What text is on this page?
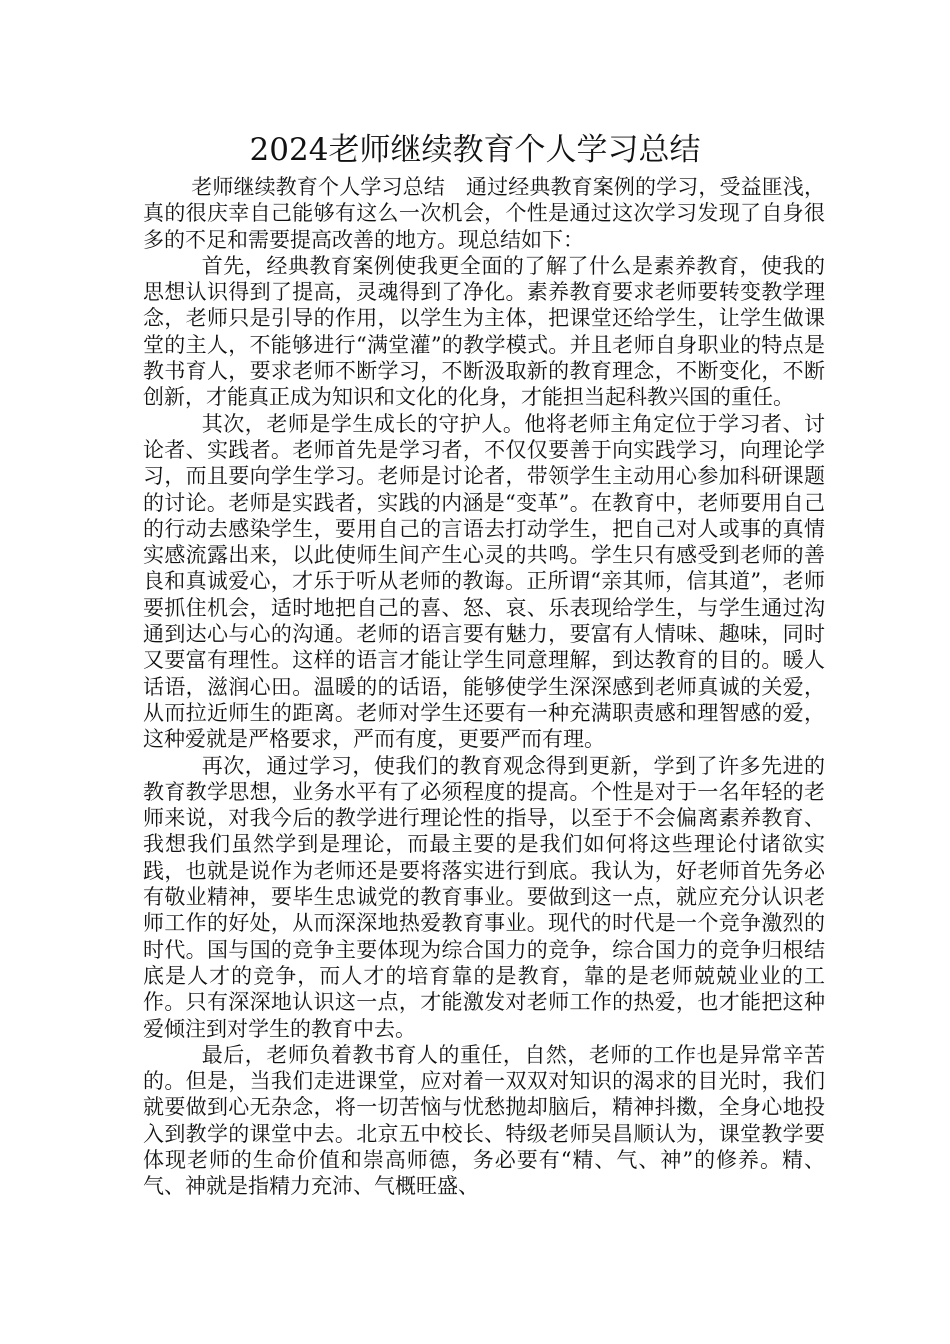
2024老师继续教育个人学习总结

老师继续教育个人学习总结　通过经典教育案例的学习，受益匪浅，真的很庆幸自己能够有这么一次机会，个性是通过这次学习发现了自身很多的不足和需要提高改善的地方。现总结如下：

首先，经典教育案例使我更全面的了解了什么是素养教育，使我的思想认识得到了提高，灵魂得到了净化。素养教育要求老师要转变教学理念，老师只是引导的作用，以学生为主体，把课堂还给学生，让学生做课堂的主人，不能够进行“满堂灌”的教学模式。并且老师自身职业的特点是教书育人，要求老师不断学习，不断汲取新的教育理念，不断变化，不断创新，才能真正成为知识和文化的化身，才能担当起科教兴国的重任。

其次，老师是学生成长的守护人。他将老师主角定位于学习者、讨论者、实践者。老师首先是学习者，不仅仅要善于向实践学习，向理论学习，而且要向学生学习。老师是讨论者，带领学生主动用心参加科研课题的讨论。老师是实践者，实践的内涵是“变革”。在教育中，老师要用自己的行动去感染学生，要用自己的言语去打动学生，把自己对人或事的真情实感流露出来，以此使师生间产生心灵的共鸣。学生只有感受到老师的善良和真诚爱心，才乐于听从老师的教诲。正所谓“亲其师，信其道”，老师要抓住机会，适时地把自己的喜、怒、哀、乐表现给学生，与学生通过沟通到达心与心的沟通。老师的语言要有魅力，要富有人情味、趣味，同时又要富有理性。这样的语言才能让学生同意理解，到达教育的目的。暖人话语，滋润心田。温暖的的话语，能够使学生深深感到老师真诚的关爱，从而拉近师生的距离。老师对学生还要有一种充满职责感和理智感的爱，这种爱就是严格要求，严而有度，更要严而有理。

再次，通过学习，使我们的教育观念得到更新，学到了许多先进的教育教学思想，业务水平有了必须程度的提高。个性是对于一名年轻的老师来说，对我今后的教学进行理论性的指导，以至于不会偏离素养教育、我想我们虽然学到是理论，而最主要的是我们如何将这些理论付诸欲实践，也就是说作为老师还是要将落实进行到底。我认为，好老师首先务必有敬业精神，要毕生忠诚党的教育事业。要做到这一点，就应充分认识老师工作的好处，从而深深地热爱教育事业。现代的时代是一个竞争激烈的时代。国与国的竞争主要体现为综合国力的竞争，综合国力的竞争归根结底是人才的竞争，而人才的培育靠的是教育，靠的是老师兢兢业业的工作。只有深深地认识这一点，才能激发对老师工作的热爱，也才能把这种爱倾注到对学生的教育中去。

最后，老师负着教书育人的重任，自然，老师的工作也是异常辛苦的。但是，当我们走进课堂，应对着一双双对知识的渴求的目光时，我们就要做到心无杂念，将一切苦恼与忧愁抛却脑后，精神抖擞，全身心地投入到教学的课堂中去。北京五中校长、特级老师吴昌顺认为，课堂教学要体现老师的生命价值和崇高师德，务必要有“精、气、神”的修养。精、气、神就是指精力充沛、气概旺盛、
